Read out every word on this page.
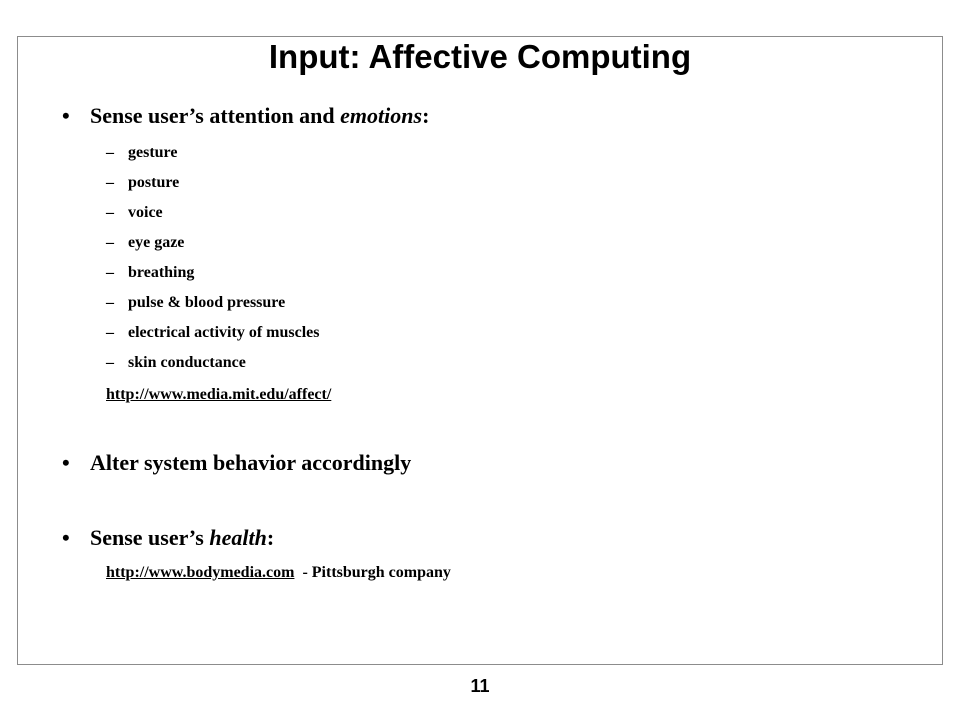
Input: Affective Computing
• Sense user’s attention and emotions:
– gesture
– posture
– voice
– eye gaze
– breathing
– pulse & blood pressure
– electrical activity of muscles
– skin conductance
http://www.media.mit.edu/affect/
• Alter system behavior accordingly
• Sense user’s health:
http://www.bodymedia.com - Pittsburgh company
11
